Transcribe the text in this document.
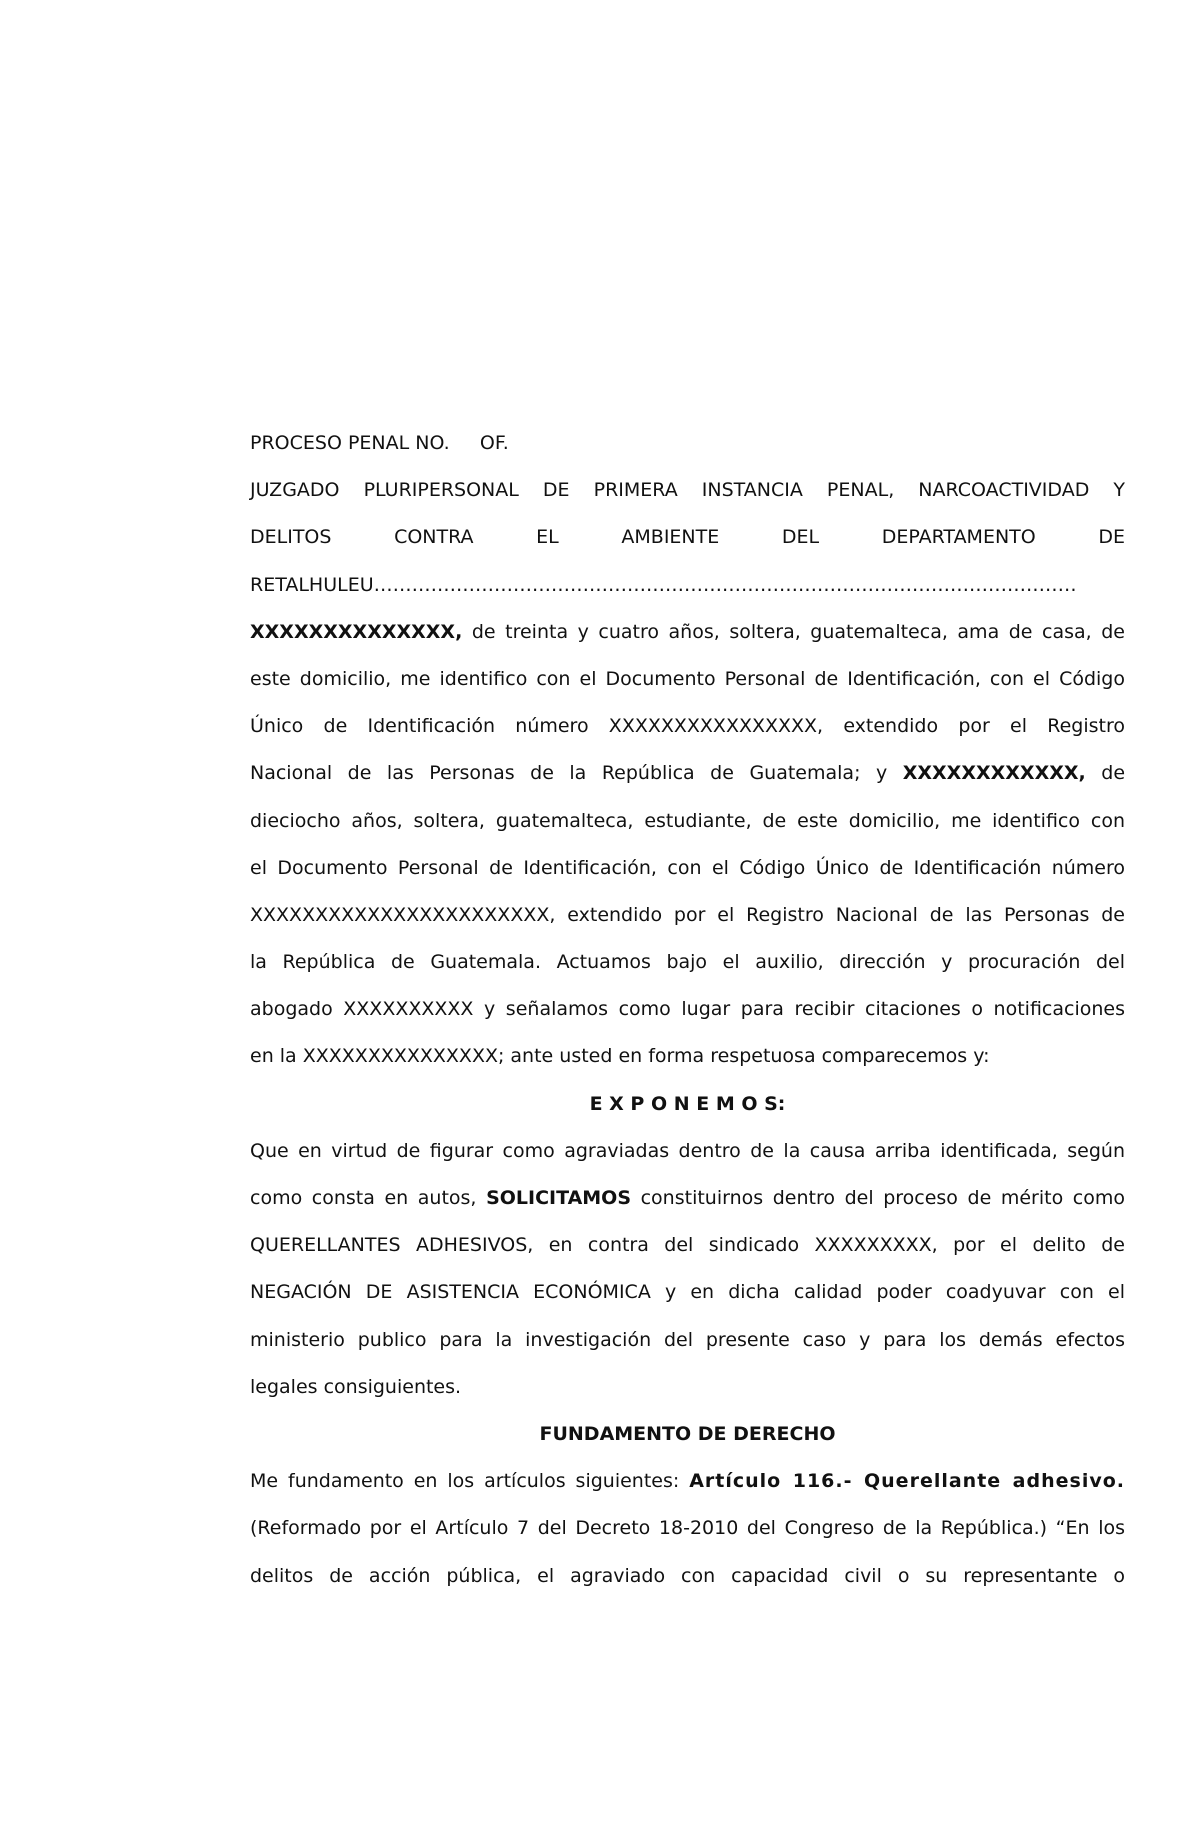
PROCESO PENAL NO.     OF.
JUZGADO PLURIPERSONAL DE PRIMERA INSTANCIA PENAL, NARCOACTIVIDAD Y
DELITOS CONTRA EL AMBIENTE DEL DEPARTAMENTO DE
RETALHULEU…………………………………………………………………………………………………
XXXXXXXXXXXXXX, de treinta y cuatro años, soltera, guatemalteca, ama de casa, de
este domicilio, me identifico con el Documento Personal de Identificación, con el Código
Único de Identificación número XXXXXXXXXXXXXXXX, extendido por el Registro
Nacional de las Personas de la República de Guatemala; y XXXXXXXXXXXX, de
dieciocho años, soltera, guatemalteca, estudiante, de este domicilio, me identifico con
el Documento Personal de Identificación, con el Código Único de Identificación número
XXXXXXXXXXXXXXXXXXXXXXX, extendido por el Registro Nacional de las Personas de
la República de Guatemala. Actuamos bajo el auxilio, dirección y procuración del
abogado XXXXXXXXXX y señalamos como lugar para recibir citaciones o notificaciones
en la XXXXXXXXXXXXXXX; ante usted en forma respetuosa comparecemos y:
E X P O N E M O S:
Que en virtud de figurar como agraviadas dentro de la causa arriba identificada, según
como consta en autos, SOLICITAMOS constituirnos dentro del proceso de mérito como
QUERELLANTES ADHESIVOS, en contra del sindicado XXXXXXXXX, por el delito de
NEGACIÓN DE ASISTENCIA ECONÓMICA y en dicha calidad poder coadyuvar con el
ministerio publico para la investigación del presente caso y para los demás efectos
legales consiguientes.
FUNDAMENTO DE DERECHO
Me fundamento en los artículos siguientes: Artículo 116.- Querellante adhesivo.
(Reformado por el Artículo 7 del Decreto 18-2010 del Congreso de la República.) “En los
delitos de acción pública, el agraviado con capacidad civil o su representante o
